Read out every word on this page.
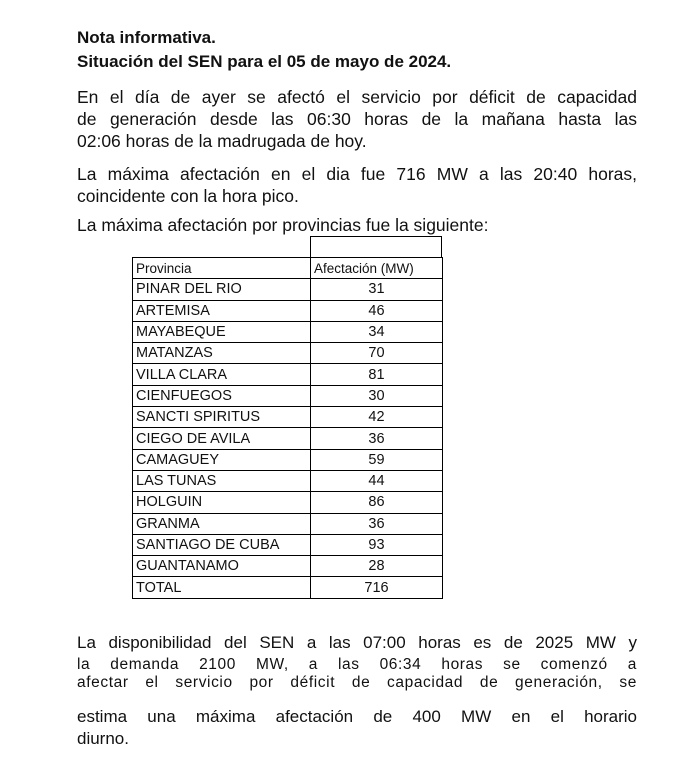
Nota informativa.
Situación del SEN para el 05 de mayo de 2024.

En el día de ayer se afectó el servicio por déficit de capacidad
de generación desde las 06:30 horas de la mañana hasta las
02:06 horas de la madrugada de hoy.

La máxima afectación en el dia fue 716 MW a las 20:40 horas,
coincidente con la hora pico.

La máxima afectación por provincias fue la siguiente:

Provincia	Afectación (MW)
PINAR DEL RIO	31
ARTEMISA	46
MAYABEQUE	34
MATANZAS	70
VILLA CLARA	81
CIENFUEGOS	30
SANCTI SPIRITUS	42
CIEGO DE AVILA	36
CAMAGUEY	59
LAS TUNAS	44
HOLGUIN	86
GRANMA	36
SANTIAGO DE CUBA	93
GUANTANAMO	28
TOTAL	716

La disponibilidad del SEN a las 07:00 horas es de 2025 MW y

la demanda 2100 MW, a las 06:34 horas se comenzó a
afectar el servicio por déficit de capacidad de generación, se

estima una máxima afectación de 400 MW en el horario
diurno.
